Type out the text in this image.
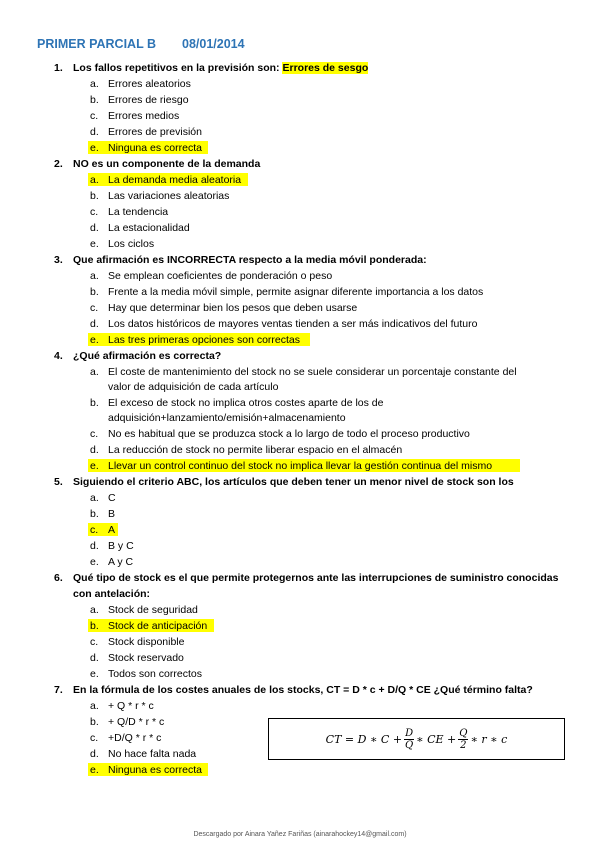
PRIMER PARCIAL B 08/01/2014
1. Los fallos repetitivos en la previsión son: Errores de sesgo
a. Errores aleatorios
b. Errores de riesgo
c. Errores medios
d. Errores de previsión
e. Ninguna es correcta
2. NO es un componente de la demanda
a. La demanda media aleatoria
b. Las variaciones aleatorias
c. La tendencia
d. La estacionalidad
e. Los ciclos
3. Que afirmación es INCORRECTA respecto a la media móvil ponderada:
a. Se emplean coeficientes de ponderación o peso
b. Frente a la media móvil simple, permite asignar diferente importancia a los datos
c. Hay que determinar bien los pesos que deben usarse
d. Los datos históricos de mayores ventas tienden a ser más indicativos del futuro
e. Las tres primeras opciones son correctas
4. ¿Qué afirmación es correcta?
a. El coste de mantenimiento del stock no se suele considerar un porcentaje constante del
valor de adquisición de cada artículo
b. El exceso de stock no implica otros costes aparte de los de
adquisición+lanzamiento/emisión+almacenamiento
c. No es habitual que se produzca stock a lo largo de todo el proceso productivo
d. La reducción de stock no permite liberar espacio en el almacén
e. Llevar un control continuo del stock no implica llevar la gestión continua del mismo
5. Siguiendo el criterio ABC, los artículos que deben tener un menor nivel de stock son los
a. C
b. B
c. A
d. B y C
e. A y C
6. Qué tipo de stock es el que permite protegernos ante las interrupciones de suministro conocidas
con antelación:
a. Stock de seguridad
b. Stock de anticipación
c. Stock disponible
d. Stock reservado
e. Todos son correctos
7. En la fórmula de los costes anuales de los stocks, CT = D * c + D/Q * CE ¿Qué término falta?
a. + Q * r * c
b. + Q/D * r * c
c. +D/Q * r * c
d. No hace falta nada
e. Ninguna es correcta
CT = D ∗ $C + \frac{D}{Q}$ ∗ CE + $\frac{Q}{2}$ ∗ r ∗ c
Descargado por Ainara Yañez Fariñas (ainarahockey14@gmail.com)
